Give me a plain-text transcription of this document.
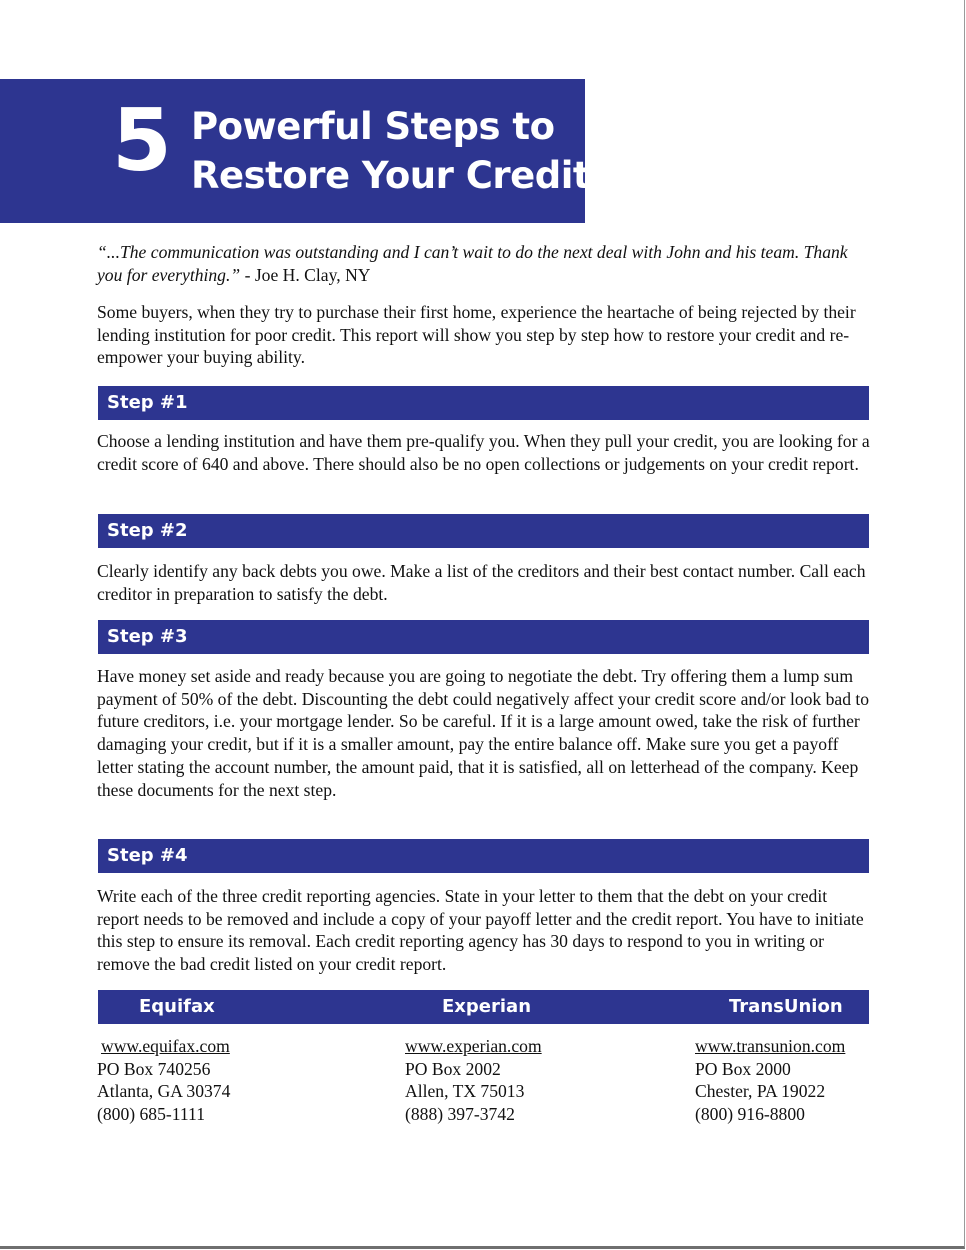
5 Powerful Steps to
Restore Your Credit
“...The communication was outstanding and I can’t wait to do the next deal with John and his team. Thank you for everything.” - Joe H. Clay, NY
Some buyers, when they try to purchase their first home, experience the heartache of being rejected by their lending institution for poor credit. This report will show you step by step how to restore your credit and re-empower your buying ability.
Step #1
Choose a lending institution and have them pre-qualify you. When they pull your credit, you are looking for a credit score of 640 and above. There should also be no open collections or judgements on your credit report.
Step #2
Clearly identify any back debts you owe. Make a list of the creditors and their best contact number. Call each creditor in preparation to satisfy the debt.
Step #3
Have money set aside and ready because you are going to negotiate the debt. Try offering them a lump sum payment of 50% of the debt. Discounting the debt could negatively affect your credit score and/or look bad to future creditors, i.e. your mortgage lender. So be careful. If it is a large amount owed, take the risk of further damaging your credit, but if it is a smaller amount, pay the entire balance off. Make sure you get a payoff letter stating the account number, the amount paid, that it is satisfied, all on letterhead of the company. Keep these documents for the next step.
Step #4
Write each of the three credit reporting agencies. State in your letter to them that the debt on your credit report needs to be removed and include a copy of your payoff letter and the credit report. You have to initiate this step to ensure its removal. Each credit reporting agency has 30 days to respond to you in writing or remove the bad credit listed on your credit report.
Equifax	Experian	TransUnion
www.equifax.com
PO Box 740256
Atlanta, GA 30374
(800) 685-1111
www.experian.com
PO Box 2002
Allen, TX 75013
(888) 397-3742
www.transunion.com
PO Box 2000
Chester, PA 19022
(800) 916-8800
